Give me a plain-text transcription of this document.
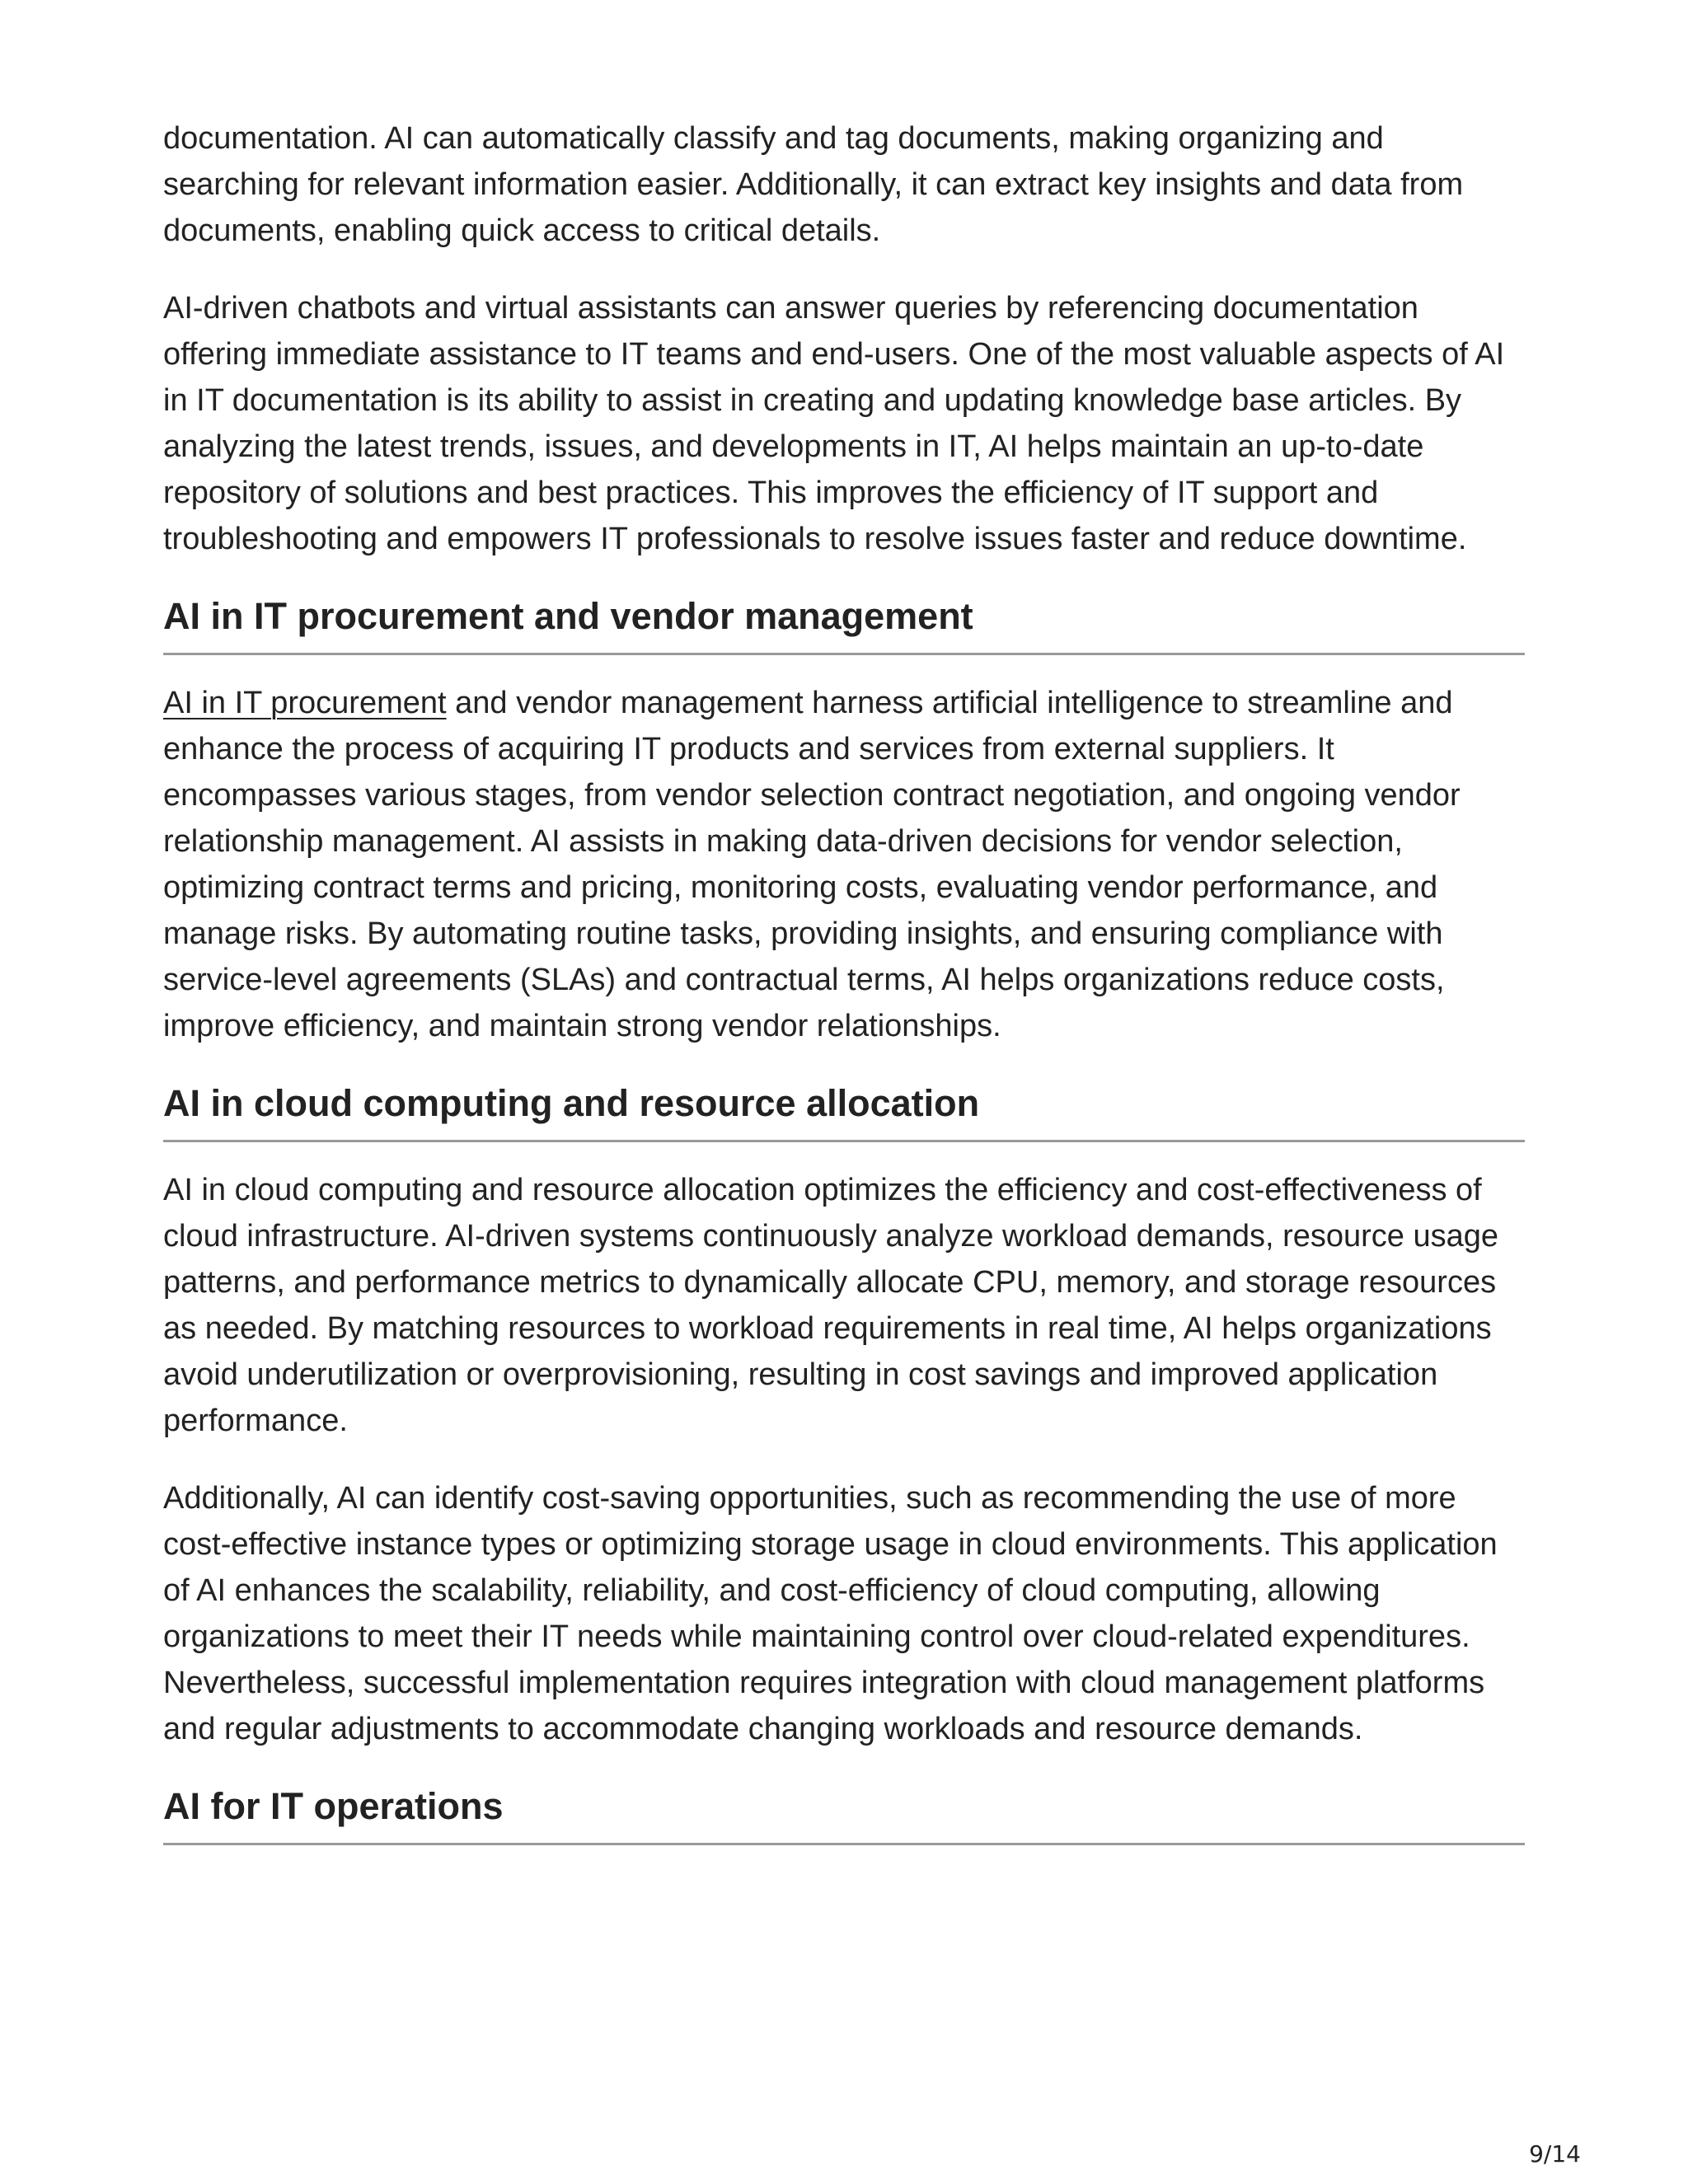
documentation. AI can automatically classify and tag documents, making organizing and searching for relevant information easier. Additionally, it can extract key insights and data from documents, enabling quick access to critical details.

AI-driven chatbots and virtual assistants can answer queries by referencing documentation offering immediate assistance to IT teams and end-users. One of the most valuable aspects of AI in IT documentation is its ability to assist in creating and updating knowledge base articles. By analyzing the latest trends, issues, and developments in IT, AI helps maintain an up-to-date repository of solutions and best practices. This improves the efficiency of IT support and troubleshooting and empowers IT professionals to resolve issues faster and reduce downtime.

AI in IT procurement and vendor management

AI in IT procurement and vendor management harness artificial intelligence to streamline and enhance the process of acquiring IT products and services from external suppliers. It encompasses various stages, from vendor selection contract negotiation, and ongoing vendor relationship management. AI assists in making data-driven decisions for vendor selection, optimizing contract terms and pricing, monitoring costs, evaluating vendor performance, and manage risks. By automating routine tasks, providing insights, and ensuring compliance with service-level agreements (SLAs) and contractual terms, AI helps organizations reduce costs, improve efficiency, and maintain strong vendor relationships.

AI in cloud computing and resource allocation

AI in cloud computing and resource allocation optimizes the efficiency and cost-effectiveness of cloud infrastructure. AI-driven systems continuously analyze workload demands, resource usage patterns, and performance metrics to dynamically allocate CPU, memory, and storage resources as needed. By matching resources to workload requirements in real time, AI helps organizations avoid underutilization or overprovisioning, resulting in cost savings and improved application performance.

Additionally, AI can identify cost-saving opportunities, such as recommending the use of more cost-effective instance types or optimizing storage usage in cloud environments. This application of AI enhances the scalability, reliability, and cost-efficiency of cloud computing, allowing organizations to meet their IT needs while maintaining control over cloud-related expenditures. Nevertheless, successful implementation requires integration with cloud management platforms and regular adjustments to accommodate changing workloads and resource demands.

AI for IT operations
9/14
